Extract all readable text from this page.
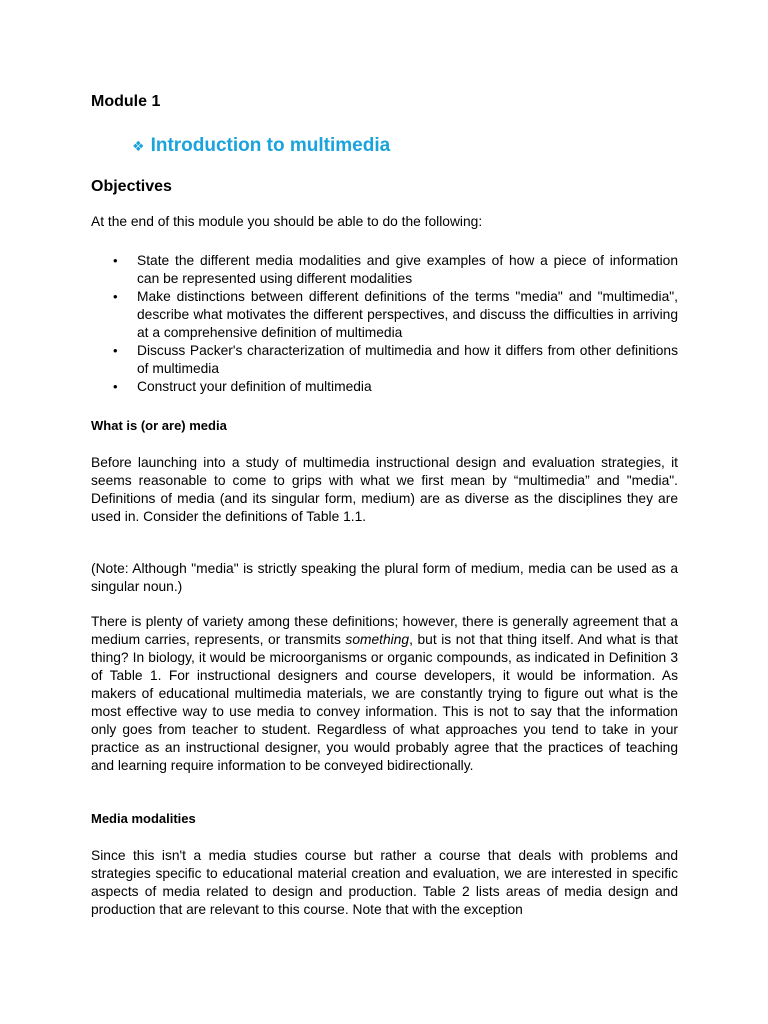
Module 1
❖ Introduction to multimedia
Objectives

At the end of this module you should be able to do the following:

• State the different media modalities and give examples of how a piece of information can be represented using different modalities
• Make distinctions between different definitions of the terms "media" and "multimedia", describe what motivates the different perspectives, and discuss the difficulties in arriving at a comprehensive definition of multimedia
• Discuss Packer's characterization of multimedia and how it differs from other definitions of multimedia
• Construct your definition of multimedia
What is (or are) media

Before launching into a study of multimedia instructional design and evaluation strategies, it seems reasonable to come to grips with what we first mean by “multimedia” and "media". Definitions of media (and its singular form, medium) are as diverse as the disciplines they are used in. Consider the definitions of Table 1.1.

(Note: Although "media" is strictly speaking the plural form of medium, media can be used as a singular noun.)

There is plenty of variety among these definitions; however, there is generally agreement that a medium carries, represents, or transmits something, but is not that thing itself. And what is that thing? In biology, it would be microorganisms or organic compounds, as indicated in Definition 3 of Table 1. For instructional designers and course developers, it would be information. As makers of educational multimedia materials, we are constantly trying to figure out what is the most effective way to use media to convey information. This is not to say that the information only goes from teacher to student. Regardless of what approaches you tend to take in your practice as an instructional designer, you would probably agree that the practices of teaching and learning require information to be conveyed bidirectionally.

Media modalities

Since this isn't a media studies course but rather a course that deals with problems and strategies specific to educational material creation and evaluation, we are interested in specific aspects of media related to design and production. Table 2 lists areas of media design and production that are relevant to this course. Note that with the exception
